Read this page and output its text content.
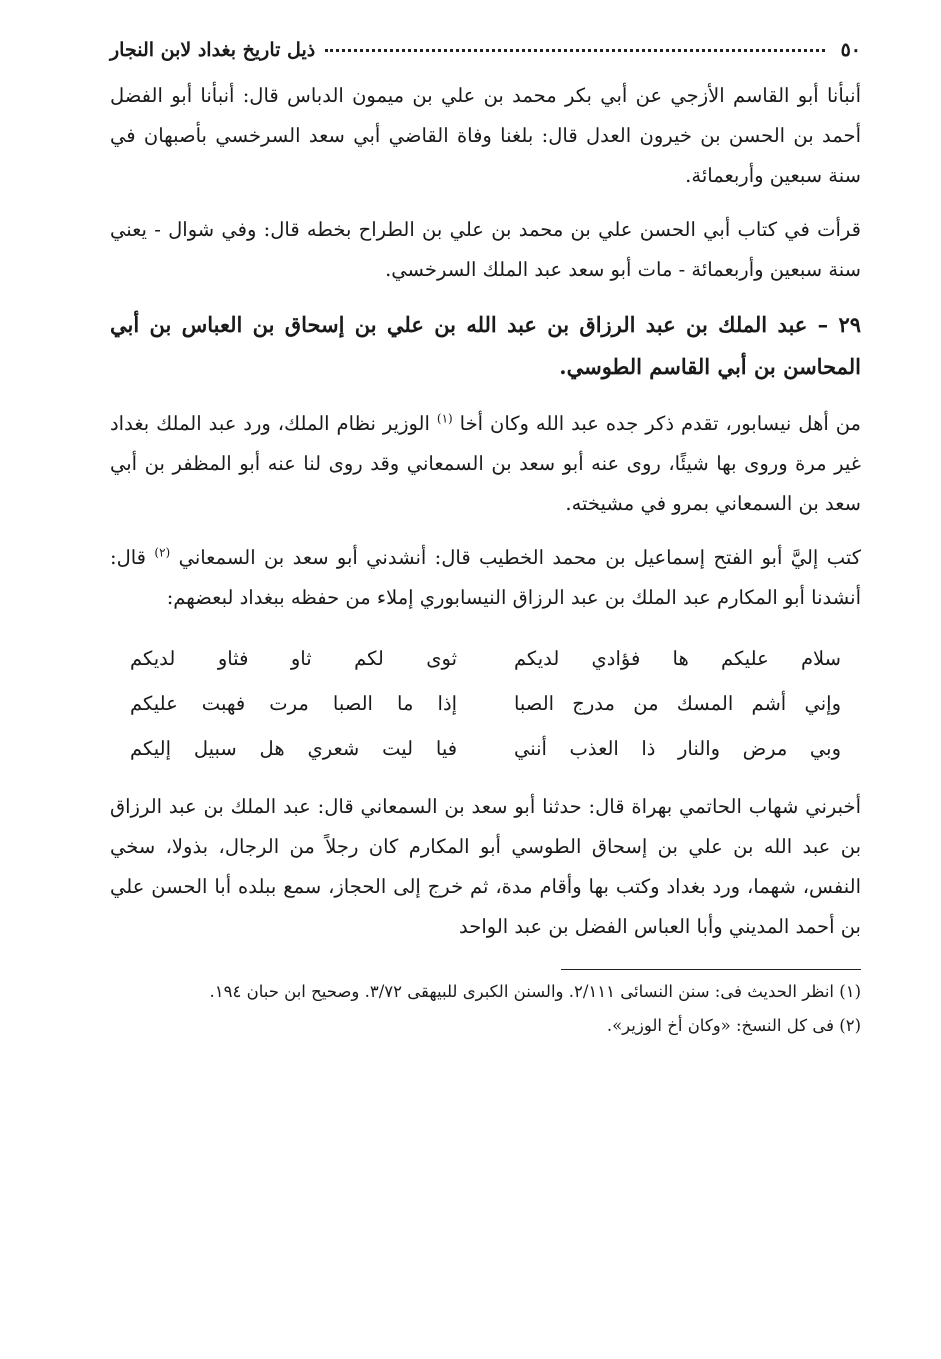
٥٠
ذيل تاريخ بغداد لابن النجار

أنبأنا أبو القاسم الأزجي عن أبي بكر محمد بن علي بن ميمون الدباس قال: أنبأنا أبو الفضل أحمد بن الحسن بن خيرون العدل قال: بلغنا وفاة القاضي أبي سعد السرخسي بأصبهان في سنة سبعين وأربعمائة.

قرأت في كتاب أبي الحسن علي بن محمد بن علي بن الطراح بخطه قال: وفي شوال - يعني سنة سبعين وأربعمائة - مات أبو سعد عبد الملك السرخسي.

٢٩ – عبد الملك بن عبد الرزاق بن عبد الله بن علي بن إسحاق بن العباس بن أبي المحاسن بن أبي القاسم الطوسي.

من أهل نيسابور، تقدم ذكر جده عبد الله وكان أخا $^{(١)}$ الوزير نظام الملك، ورد عبد الملك بغداد غير مرة وروى بها شيئًا، روى عنه أبو سعد بن السمعاني وقد روى لنا عنه أبو المظفر بن أبي سعد بن السمعاني بمرو في مشيخته.

كتب إليَّ أبو الفتح إسماعيل بن محمد الخطيب قال: أنشدني أبو سعد بن السمعاني $^{(٢)}$ قال: أنشدنا أبو المكارم عبد الملك بن عبد الرزاق النيسابوري إملاء من حفظه ببغداد لبعضهم:

سلام عليكم ها فؤادي لديكم
ثوى لكم ثاو فثاو لديكم
وإني أشم المسك من مدرج الصبا
إذا ما الصبا مرت فهبت عليكم
وبي مرض والنار ذا العذب أنني
فيا ليت شعري هل سبيل إليكم

أخبرني شهاب الحاتمي بهراة قال: حدثنا أبو سعد بن السمعاني قال: عبد الملك بن عبد الرزاق بن عبد الله بن علي بن إسحاق الطوسي أبو المكارم كان رجلاً من الرجال، بذولا، سخي النفس، شهما، ورد بغداد وكتب بها وأقام مدة، ثم خرج إلى الحجاز، سمع ببلده أبا الحسن علي بن أحمد المديني وأبا العباس الفضل بن عبد الواحد

(١) انظر الحديث فى: سنن النسائى ٢/١١١. والسنن الكبرى للبيهقى ٣/٧٢. وصحيح ابن حبان ١٩٤.

(٢) فى كل النسخ: «وكان أخ الوزير».
